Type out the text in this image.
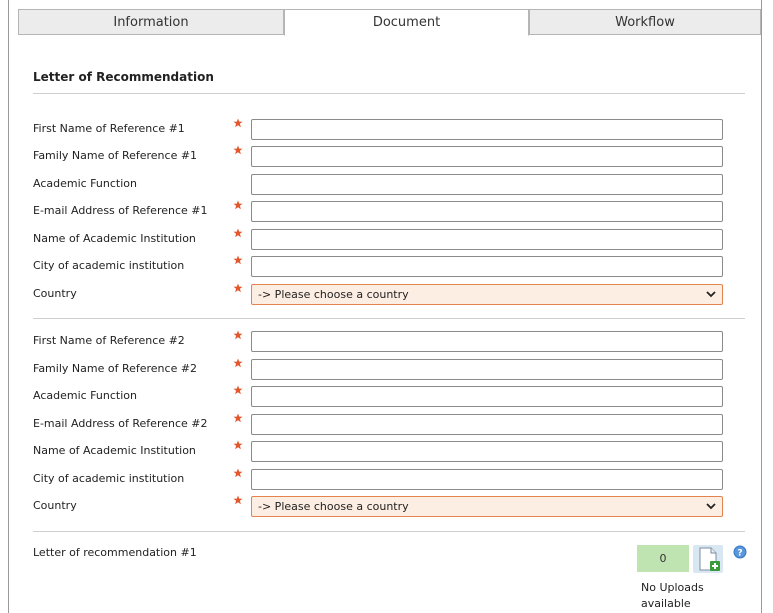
Information	Document	Workflow
Letter of Recommendation
First Name of Reference #1
Family Name of Reference #1
Academic Function
E-mail Address of Reference #1
Name of Academic Institution
City of academic institution
Country	-> Please choose a country
First Name of Reference #2
Family Name of Reference #2
Academic Function
E-mail Address of Reference #2
Name of Academic Institution
City of academic institution
Country	-> Please choose a country
Letter of recommendation #1	0	?
No Uploads
available
